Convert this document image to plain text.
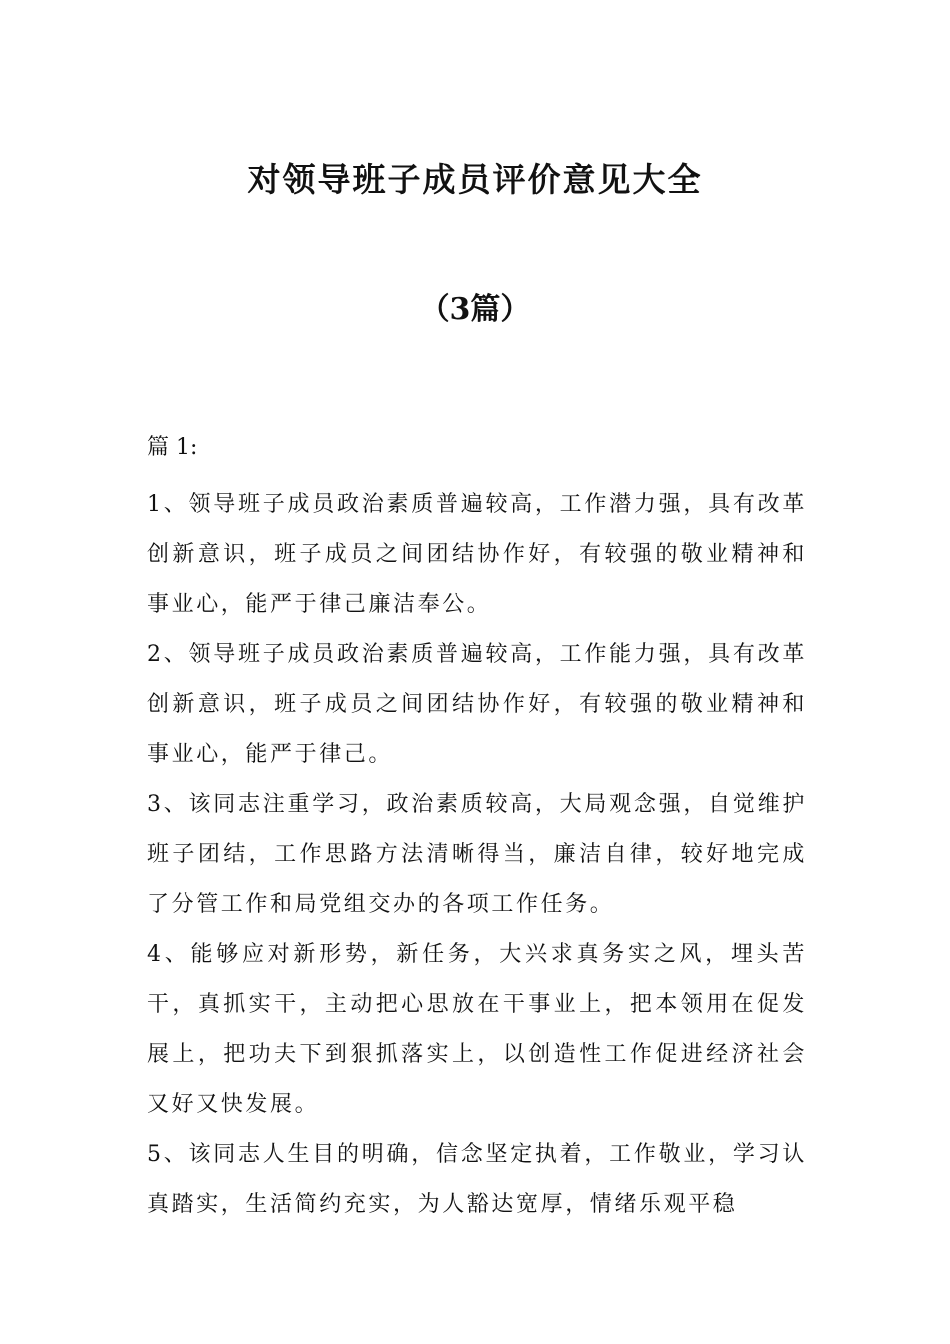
对领导班子成员评价意见大全
（3篇）

篇 1:

1、领导班子成员政治素质普遍较高，工作潜力强，具有改革创新意识，班子成员之间团结协作好，有较强的敬业精神和事业心，能严于律己廉洁奉公。

2、领导班子成员政治素质普遍较高，工作能力强，具有改革创新意识，班子成员之间团结协作好，有较强的敬业精神和事业心，能严于律己。

3、该同志注重学习，政治素质较高，大局观念强，自觉维护班子团结，工作思路方法清晰得当，廉洁自律，较好地完成了分管工作和局党组交办的各项工作任务。

4、能够应对新形势，新任务，大兴求真务实之风，埋头苦干，真抓实干，主动把心思放在干事业上，把本领用在促发展上，把功夫下到狠抓落实上，以创造性工作促进经济社会又好又快发展。

5、该同志人生目的明确，信念坚定执着，工作敬业，学习认真踏实，生活简约充实，为人豁达宽厚，情绪乐观平稳
